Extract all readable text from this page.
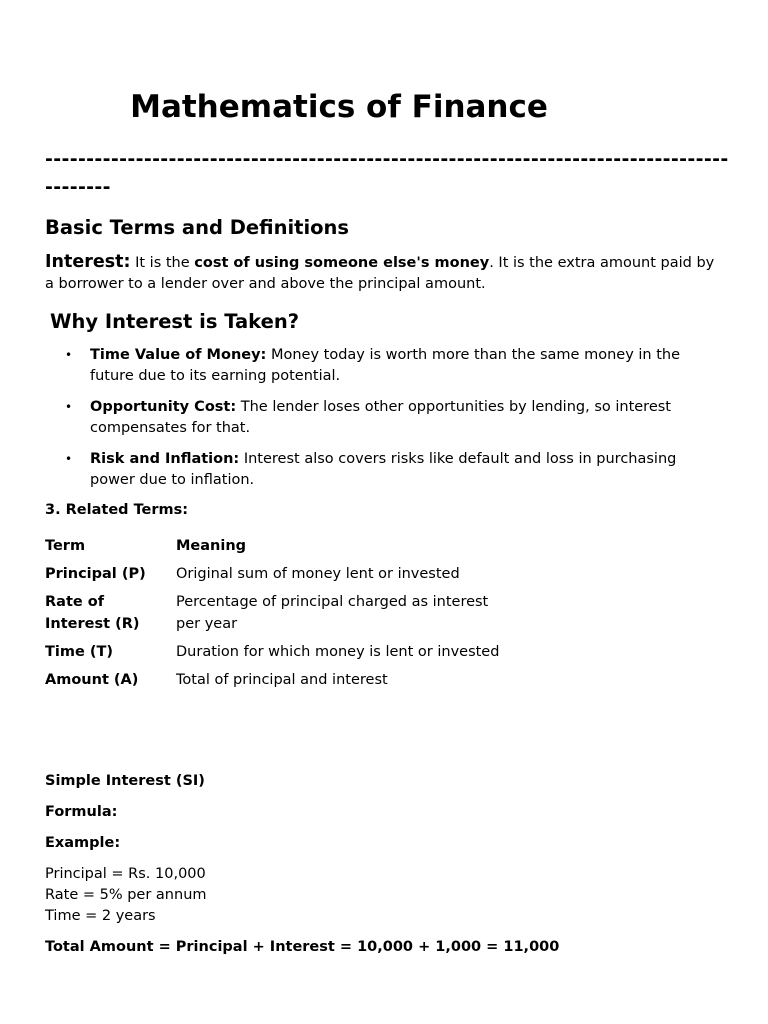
Mathematics of Finance

-------------------------------------------------------------------------------------------

Basic Terms and Definitions

Interest: It is the cost of using someone else's money. It is the extra amount paid by a borrower to a lender over and above the principal amount.

Why Interest is Taken?
• Time Value of Money: Money today is worth more than the same money in the future due to its earning potential.
• Opportunity Cost: The lender loses other opportunities by lending, so interest compensates for that.
• Risk and Inflation: Interest also covers risks like default and loss in purchasing power due to inflation.

3. Related Terms:

Term	Meaning
Principal (P)	Original sum of money lent or invested
Rate of Interest (R)	Percentage of principal charged as interest per year
Time (T)	Duration for which money is lent or invested
Amount (A)	Total of principal and interest

Simple Interest (SI)

Formula:

Example:

Principal = Rs. 10,000
Rate = 5% per annum
Time = 2 years

Total Amount = Principal + Interest = 10,000 + 1,000 = 11,000
